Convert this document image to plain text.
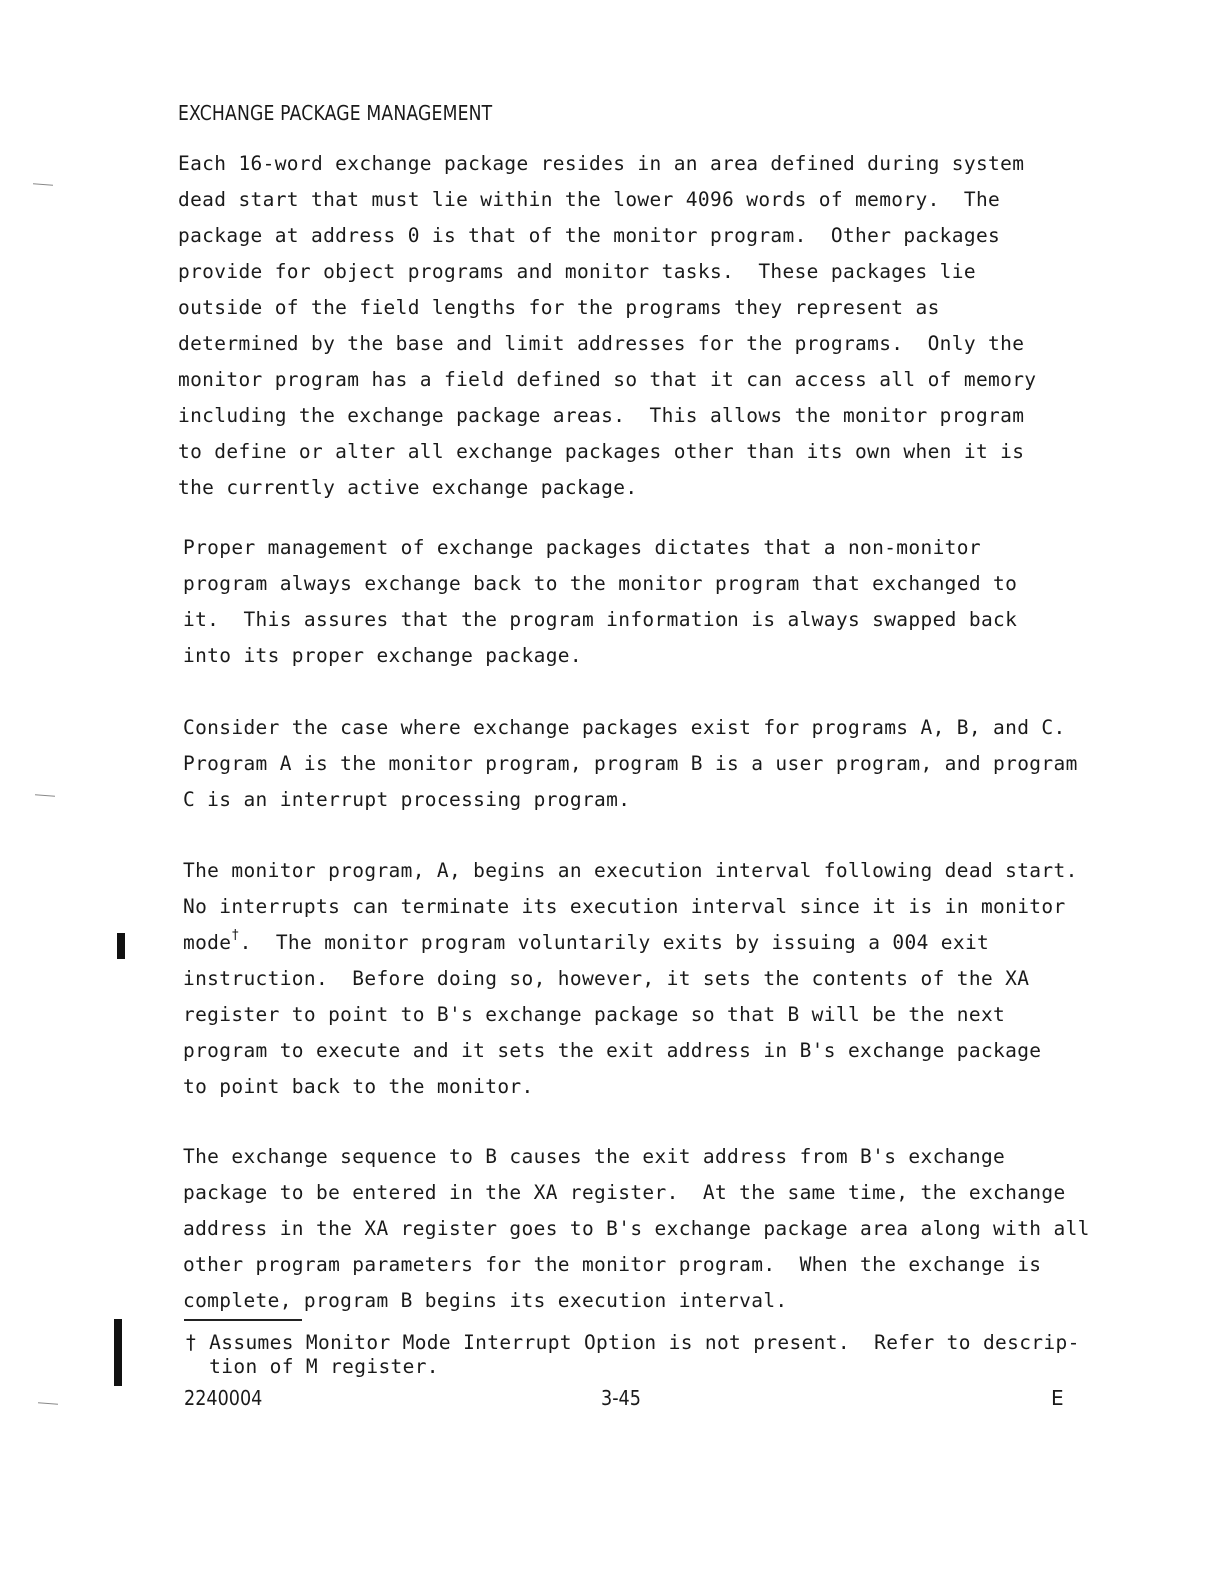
EXCHANGE PACKAGE MANAGEMENT
Each 16-word exchange package resides in an area defined during system
dead start that must lie within the lower 4096 words of memory.  The
package at address 0 is that of the monitor program.  Other packages
provide for object programs and monitor tasks.  These packages lie
outside of the field lengths for the programs they represent as
determined by the base and limit addresses for the programs.  Only the
monitor program has a field defined so that it can access all of memory
including the exchange package areas.  This allows the monitor program
to define or alter all exchange packages other than its own when it is
the currently active exchange package.
Proper management of exchange packages dictates that a non-monitor
program always exchange back to the monitor program that exchanged to
it.  This assures that the program information is always swapped back
into its proper exchange package.
Consider the case where exchange packages exist for programs A, B, and C.
Program A is the monitor program, program B is a user program, and program
C is an interrupt processing program.
The monitor program, A, begins an execution interval following dead start.
No interrupts can terminate its execution interval since it is in monitor
mode†.  The monitor program voluntarily exits by issuing a 004 exit
instruction.  Before doing so, however, it sets the contents of the XA
register to point to B's exchange package so that B will be the next
program to execute and it sets the exit address in B's exchange package
to point back to the monitor.
The exchange sequence to B causes the exit address from B's exchange
package to be entered in the XA register.  At the same time, the exchange
address in the XA register goes to B's exchange package area along with all
other program parameters for the monitor program.  When the exchange is
complete, program B begins its execution interval.
† Assumes Monitor Mode Interrupt Option is not present.  Refer to descrip-
tion of M register.
2240004	3-45	E
